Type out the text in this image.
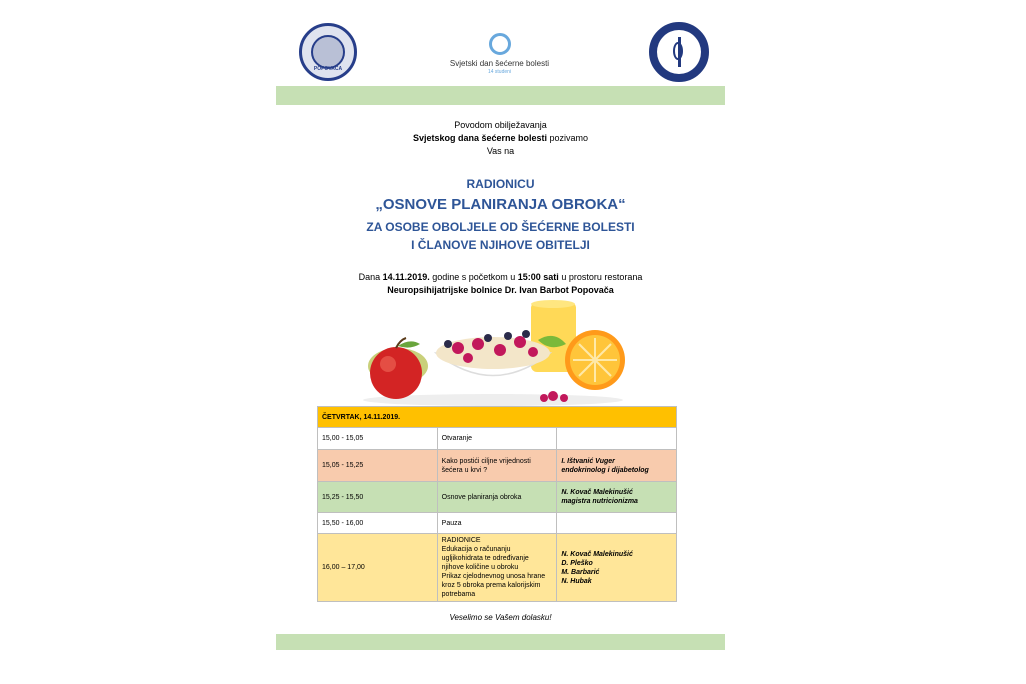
POPOVAČA
Svjetski dan šećerne bolesti
14 studeni
Povodom obilježavanja
Svjetskog dana šećerne bolesti pozivamo
Vas na
RADIONICU
„OSNOVE PLANIRANJA OBROKA“
ZA OSOBE OBOLJELE OD ŠEĆERNE BOLESTI
I ČLANOVE NJIHOVE OBITELJI
Dana 14.11.2019. godine s početkom u 15:00 sati u prostoru restorana
Neuropsihijatrijske bolnice Dr. Ivan Barbot Popovača
ČETVRTAK, 14.11.2019.		
15,00 - 15,05	Otvaranje	
15,05 - 15,25	Kako postići ciljne vrijednosti šećera u krvi ?	I. Ištvanić Vuger
endokrinolog i dijabetolog
15,25 - 15,50	Osnove planiranja obroka	N. Kovač Malekinušić
magistra nutricionizma
15,50 - 16,00	Pauza	
16,00 – 17,00	RADIONICE
Edukacija o računanju ugljikohidrata te određivanje njihove količine u obroku
Prikaz cjelodnevnog unosa hrane kroz 5 obroka prema kalorijskim potrebama	N. Kovač Malekinušić
D. Pleško
M. Barbarić
N. Hubak
Veselimo se Vašem dolasku!
